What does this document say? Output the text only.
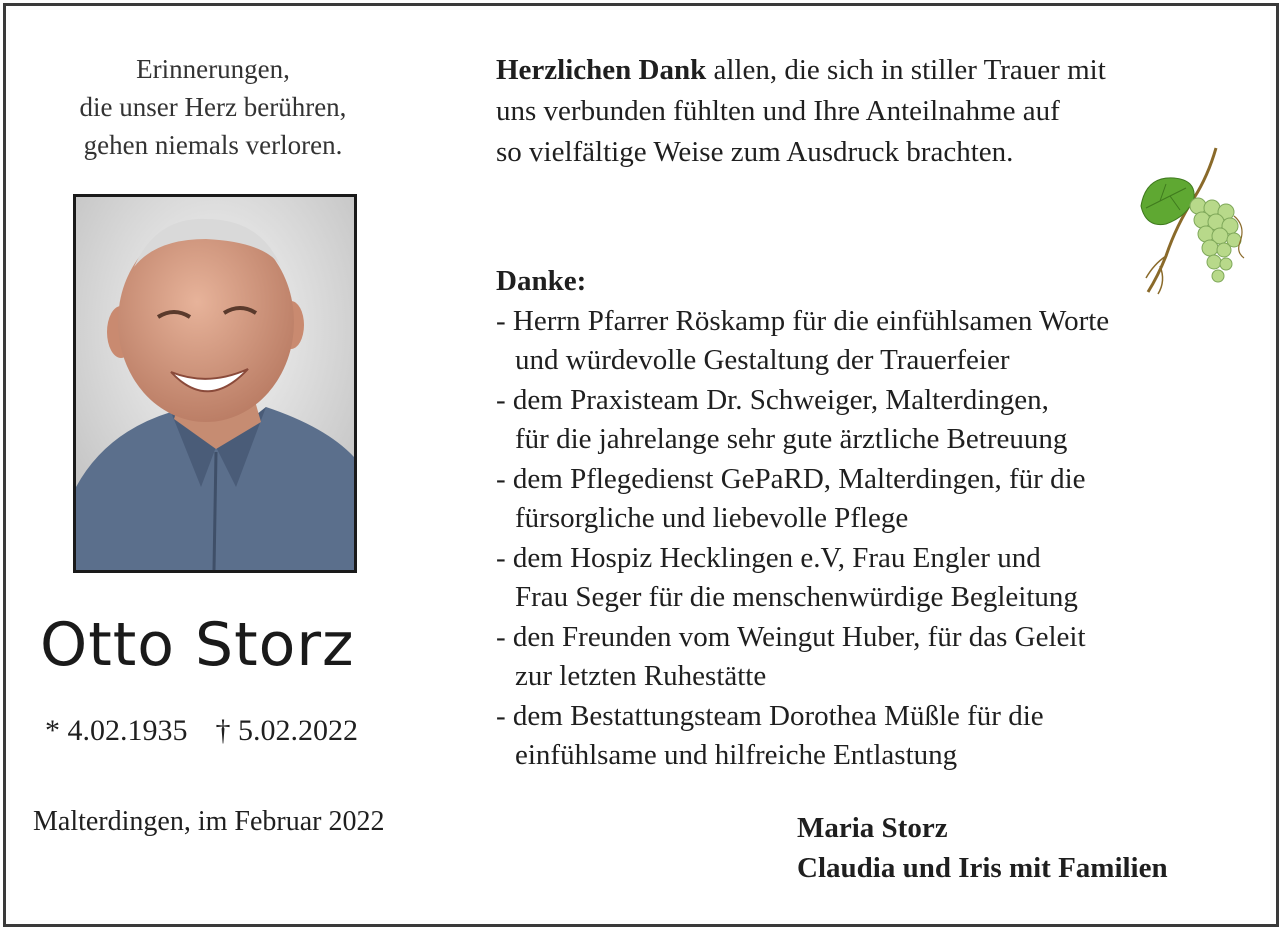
Erinnerungen,
die unser Herz berühren,
gehen niemals verloren.
Otto Storz
* 4.02.1935 † 5.02.2022
Malterdingen, im Februar 2022
Herzlichen Dank allen, die sich in stiller Trauer mit
uns verbunden fühlten und Ihre Anteilnahme auf
so vielfältige Weise zum Ausdruck brachten.
Danke:
- Herrn Pfarrer Röskamp für die einfühlsamen Worte
und würdevolle Gestaltung der Trauerfeier
- dem Praxisteam Dr. Schweiger, Malterdingen,
für die jahrelange sehr gute ärztliche Betreuung
- dem Pflegedienst GePaRD, Malterdingen, für die
fürsorgliche und liebevolle Pflege
- dem Hospiz Hecklingen e.V, Frau Engler und
Frau Seger für die menschenwürdige Begleitung
- den Freunden vom Weingut Huber, für das Geleit
zur letzten Ruhestätte
- dem Bestattungsteam Dorothea Müßle für die
einfühlsame und hilfreiche Entlastung
Maria Storz
Claudia und Iris mit Familien
